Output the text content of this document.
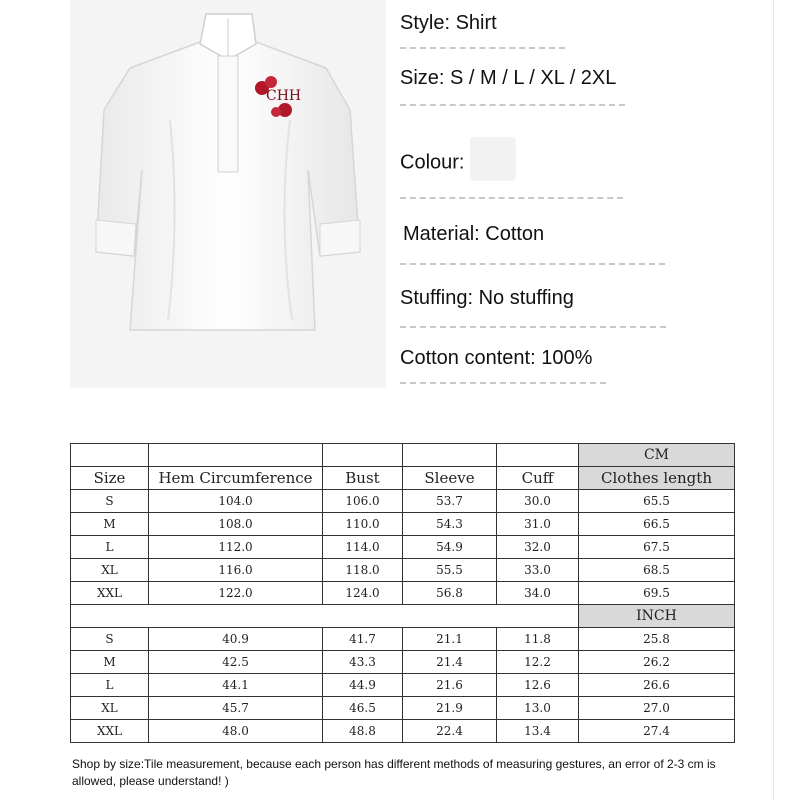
CHH
Style: Shirt
Size: S / M / L / XL / 2XL
Colour:
Material: Cotton
Stuffing: No stuffing
Cotton content: 100%
					CM
Size	Hem Circumference	Bust	Sleeve	Cuff	Clothes length
S	104.0	106.0	53.7	30.0	65.5
M	108.0	110.0	54.3	31.0	66.5
L	112.0	114.0	54.9	32.0	67.5
XL	116.0	118.0	55.5	33.0	68.5
XXL	122.0	124.0	56.8	34.0	69.5
					INCH
S	40.9	41.7	21.1	11.8	25.8
M	42.5	43.3	21.4	12.2	26.2
L	44.1	44.9	21.6	12.6	26.6
XL	45.7	46.5	21.9	13.0	27.0
XXL	48.0	48.8	22.4	13.4	27.4
Shop by size:Tile measurement, because each person has different methods of measuring gestures, an error of 2-3 cm is allowed, please understand! )
